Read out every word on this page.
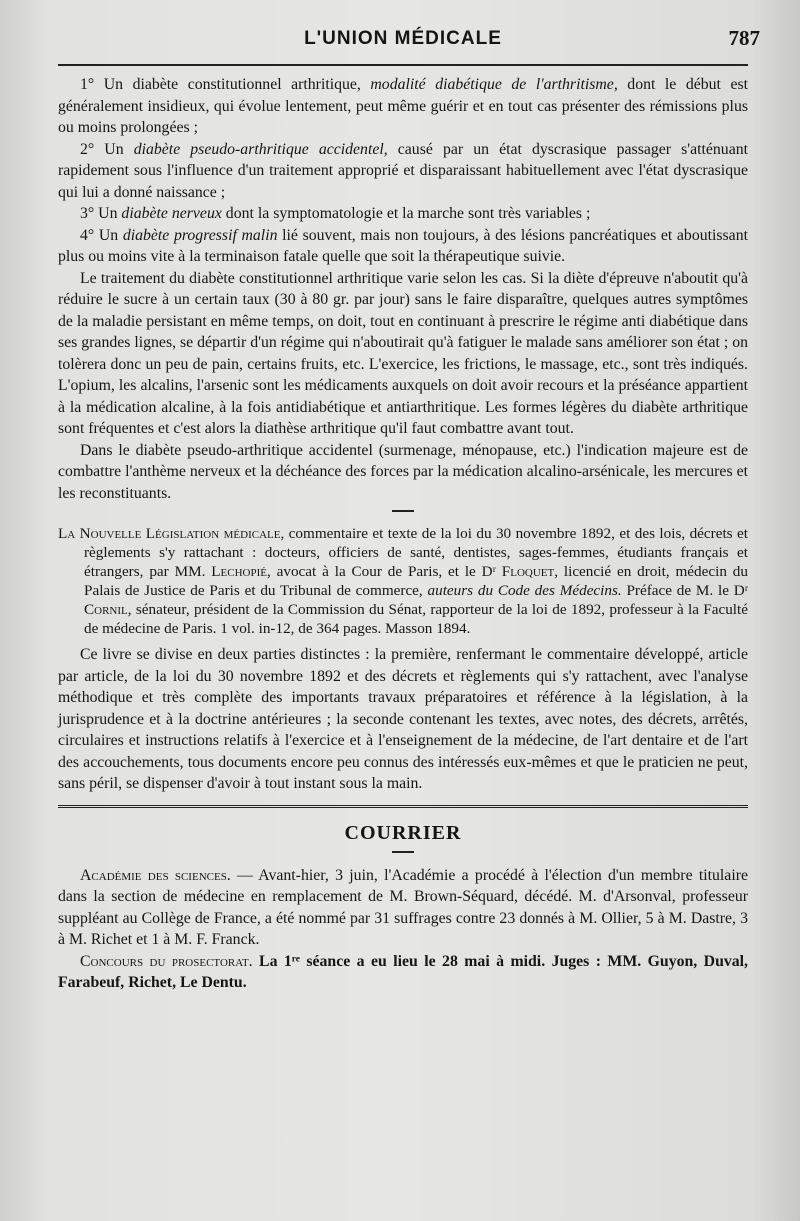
L'UNION MÉDICALE	787

1° Un diabète constitutionnel arthritique, modalité diabétique de l'arthritisme, dont le début est généralement insidieux, qui évolue lentement, peut même guérir et en tout cas présenter des rémissions plus ou moins prolongées ;

2° Un diabète pseudo-arthritique accidentel, causé par un état dyscrasique passager s'atténuant rapidement sous l'influence d'un traitement approprié et disparaissant habituellement avec l'état dyscrasique qui lui a donné naissance ;

3° Un diabète nerveux dont la symptomatologie et la marche sont très variables ;

4° Un diabète progressif malin lié souvent, mais non toujours, à des lésions pancréatiques et aboutissant plus ou moins vite à la terminaison fatale quelle que soit la thérapeutique suivie.

Le traitement du diabète constitutionnel arthritique varie selon les cas. Si la diète d'épreuve n'aboutit qu'à réduire le sucre à un certain taux (30 à 80 gr. par jour) sans le faire disparaître, quelques autres symptômes de la maladie persistant en même temps, on doit, tout en continuant à prescrire le régime anti diabétique dans ses grandes lignes, se départir d'un régime qui n'aboutirait qu'à fatiguer le malade sans améliorer son état ; on tolèrera donc un peu de pain, certains fruits, etc. L'exercice, les frictions, le massage, etc., sont très indiqués. L'opium, les alcalins, l'arsenic sont les médicaments auxquels on doit avoir recours et la préséance appartient à la médication alcaline, à la fois antidiabétique et antiarthritique. Les formes légères du diabète arthritique sont fréquentes et c'est alors la diathèse arthritique qu'il faut combattre avant tout.

Dans le diabète pseudo-arthritique accidentel (surmenage, ménopause, etc.) l'indication majeure est de combattre l'anthème nerveux et la déchéance des forces par la médication alcalino-arsénicale, les mercures et les reconstituants.

La Nouvelle Législation médicale, commentaire et texte de la loi du 30 novembre 1892, et des lois, décrets et règlements s'y rattachant : docteurs, officiers de santé, dentistes, sages-femmes, étudiants français et étrangers, par MM. Lechopié, avocat à la Cour de Paris, et le Dʳ Floquet, licencié en droit, médecin du Palais de Justice de Paris et du Tribunal de commerce, auteurs du Code des Médecins. Préface de M. le Dʳ Cornil, sénateur, président de la Commission du Sénat, rapporteur de la loi de 1892, professeur à la Faculté de médecine de Paris. 1 vol. in-12, de 364 pages. Masson 1894.

Ce livre se divise en deux parties distinctes : la première, renfermant le commentaire développé, article par article, de la loi du 30 novembre 1892 et des décrets et règlements qui s'y rattachent, avec l'analyse méthodique et très complète des importants travaux préparatoires et référence à la législation, à la jurisprudence et à la doctrine antérieures ; la seconde contenant les textes, avec notes, des décrets, arrêtés, circulaires et instructions relatifs à l'exercice et à l'enseignement de la médecine, de l'art dentaire et de l'art des accouchements, tous documents encore peu connus des intéressés eux-mêmes et que le praticien ne peut, sans péril, se dispenser d'avoir à tout instant sous la main.

COURRIER

Académie des sciences. — Avant-hier, 3 juin, l'Académie a procédé à l'élection d'un membre titulaire dans la section de médecine en remplacement de M. Brown-Séquard, décédé. M. d'Arsonval, professeur suppléant au Collège de France, a été nommé par 31 suffrages contre 23 donnés à M. Ollier, 5 à M. Dastre, 3 à M. Richet et 1 à M. F. Franck.

Concours du prosectorat. La 1ʳᵉ séance a eu lieu le 28 mai à midi. Juges : MM. Guyon, Duval, Farabeuf, Richet, Le Dentu.
